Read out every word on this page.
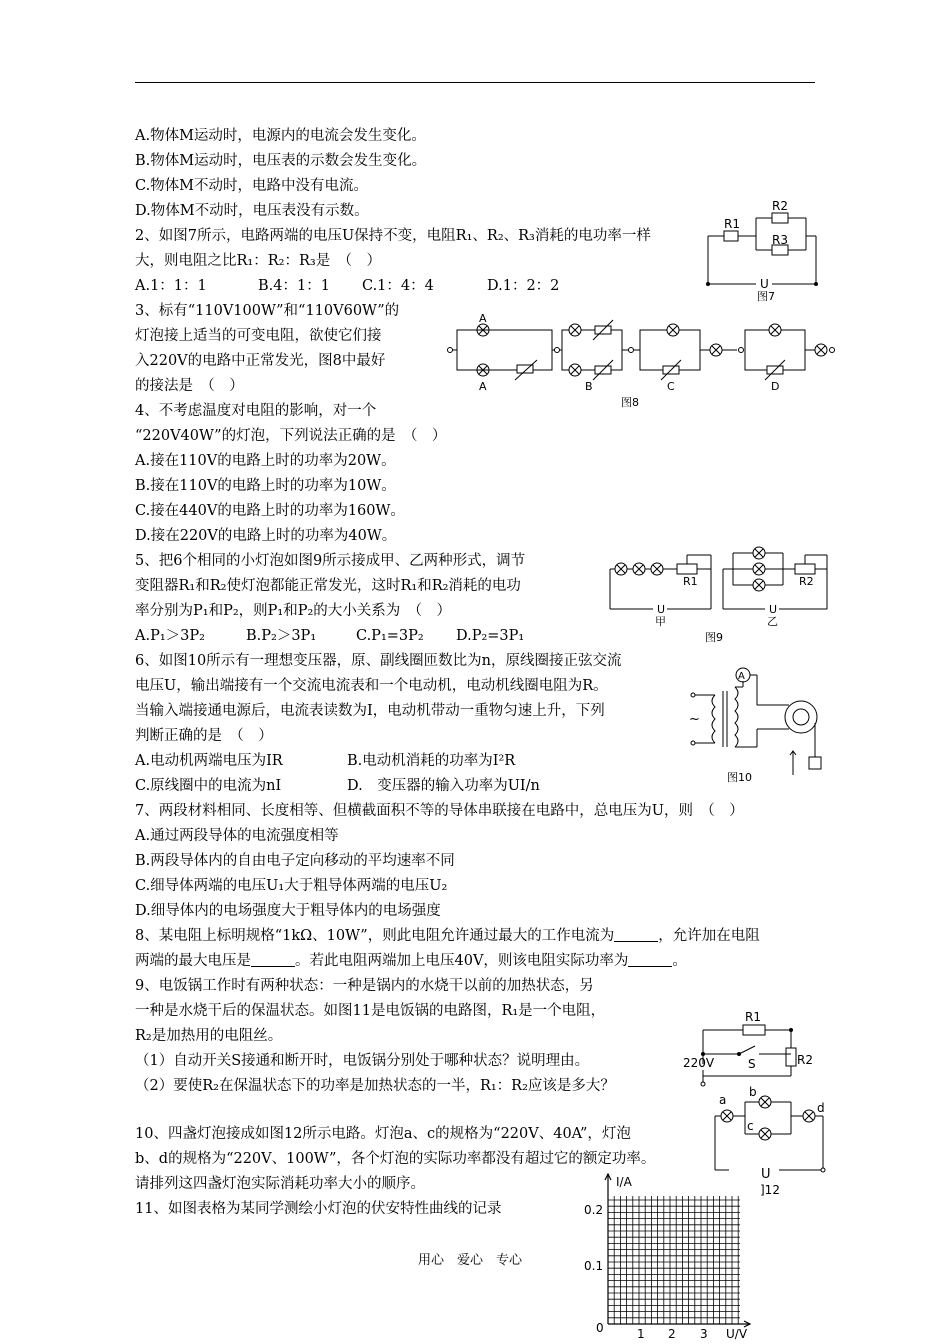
A.物体M运动时，电源内的电流会发生变化。
B.物体M运动时，电压表的示数会发生变化。
C.物体M不动时，电路中没有电流。
D.物体M不动时，电压表没有示数。
2、如图7所示，电路两端的电压U保持不变，电阻R₁、R₂、R₃消耗的电功率一样
大，则电阻之比R₁：R₂：R₃是　（　）
A.1：1：1	B.4：1：1 C.1：4：4	D.1：2：2
R1
R2
R3
U
图7
3、标有“110V100W”和“110V60W”的
灯泡接上适当的可变电阻，欲使它们接
入220V的电路中正常发光，图8中最好
的接法是　（　）
A
A	B	C	D
图8
4、不考虑温度对电阻的影响，对一个
“220V40W”的灯泡，下列说法正确的是　（　）
A.接在110V的电路上时的功率为20W。
B.接在110V的电路上时的功率为10W。
C.接在440V的电路上时的功率为160W。
D.接在220V的电路上时的功率为40W。
5、把6个相同的小灯泡如图9所示接成甲、乙两种形式，调节
变阻器R₁和R₂使灯泡都能正常发光，这时R₁和R₂消耗的电功
率分别为P₁和P₂，则P₁和P₂的大小关系为　（　）
A.P₁＞3P₂	B.P₂＞3P₁	C.P₁=3P₂ D.P₂=3P₁
R1	R2
U	U
甲	乙
图9
6、如图10所示有一理想变压器，原、副线圈匝数比为n，原线圈接正弦交流
电压U，输出端接有一个交流电流表和一个电动机，电动机线圈电阻为R。
当输入端接通电源后，电流表读数为I，电动机带动一重物匀速上升，下列
判断正确的是　（　）
A.电动机两端电压为IR	B.电动机消耗的功率为I²R
C.原线圈中的电流为nI	D.　变压器的输入功率为UI/n
~
A
图10
7、两段材料相同、长度相等、但横截面积不等的导体串联接在电路中，总电压为U，则　（　）
A.通过两段导体的电流强度相等
B.两段导体内的自由电子定向移动的平均速率不同
C.细导体两端的电压U₁大于粗导体两端的电压U₂
D.细导体内的电场强度大于粗导体内的电场强度
8、某电阻上标明规格“1kΩ、10W”，则此电阻允许通过最大的工作电流为	，允许加在电阻
两端的最大电压是	。若此电阻两端加上电压40V，则该电阻实际功率为	。
9、电饭锅工作时有两种状态：一种是锅内的水烧干以前的加热状态，另
一种是水烧干后的保温状态。如图11是电饭锅的电路图，R₁是一个电阻，
R₂是加热用的电阻丝。
（1）自动开关S接通和断开时，电饭锅分别处于哪种状态？说明理由。
（2）要使R₂在保温状态下的功率是加热状态的一半，R₁：R₂应该是多大？
R1
S	R2
220V
10、四盏灯泡接成如图12所示电路。灯泡a、c的规格为“220V、40A”，灯泡
b、d的规格为“220V、100W”，各个灯泡的实际功率都没有超过它的额定功率。
请排列这四盏灯泡实际消耗功率大小的顺序。
a
b
c
d
U
]12
11、如图表格为某同学测绘小灯泡的伏安特性曲线的记录
I/A
U/V
0.2
0.1
0	1 2 3
用心　爱心　专心
